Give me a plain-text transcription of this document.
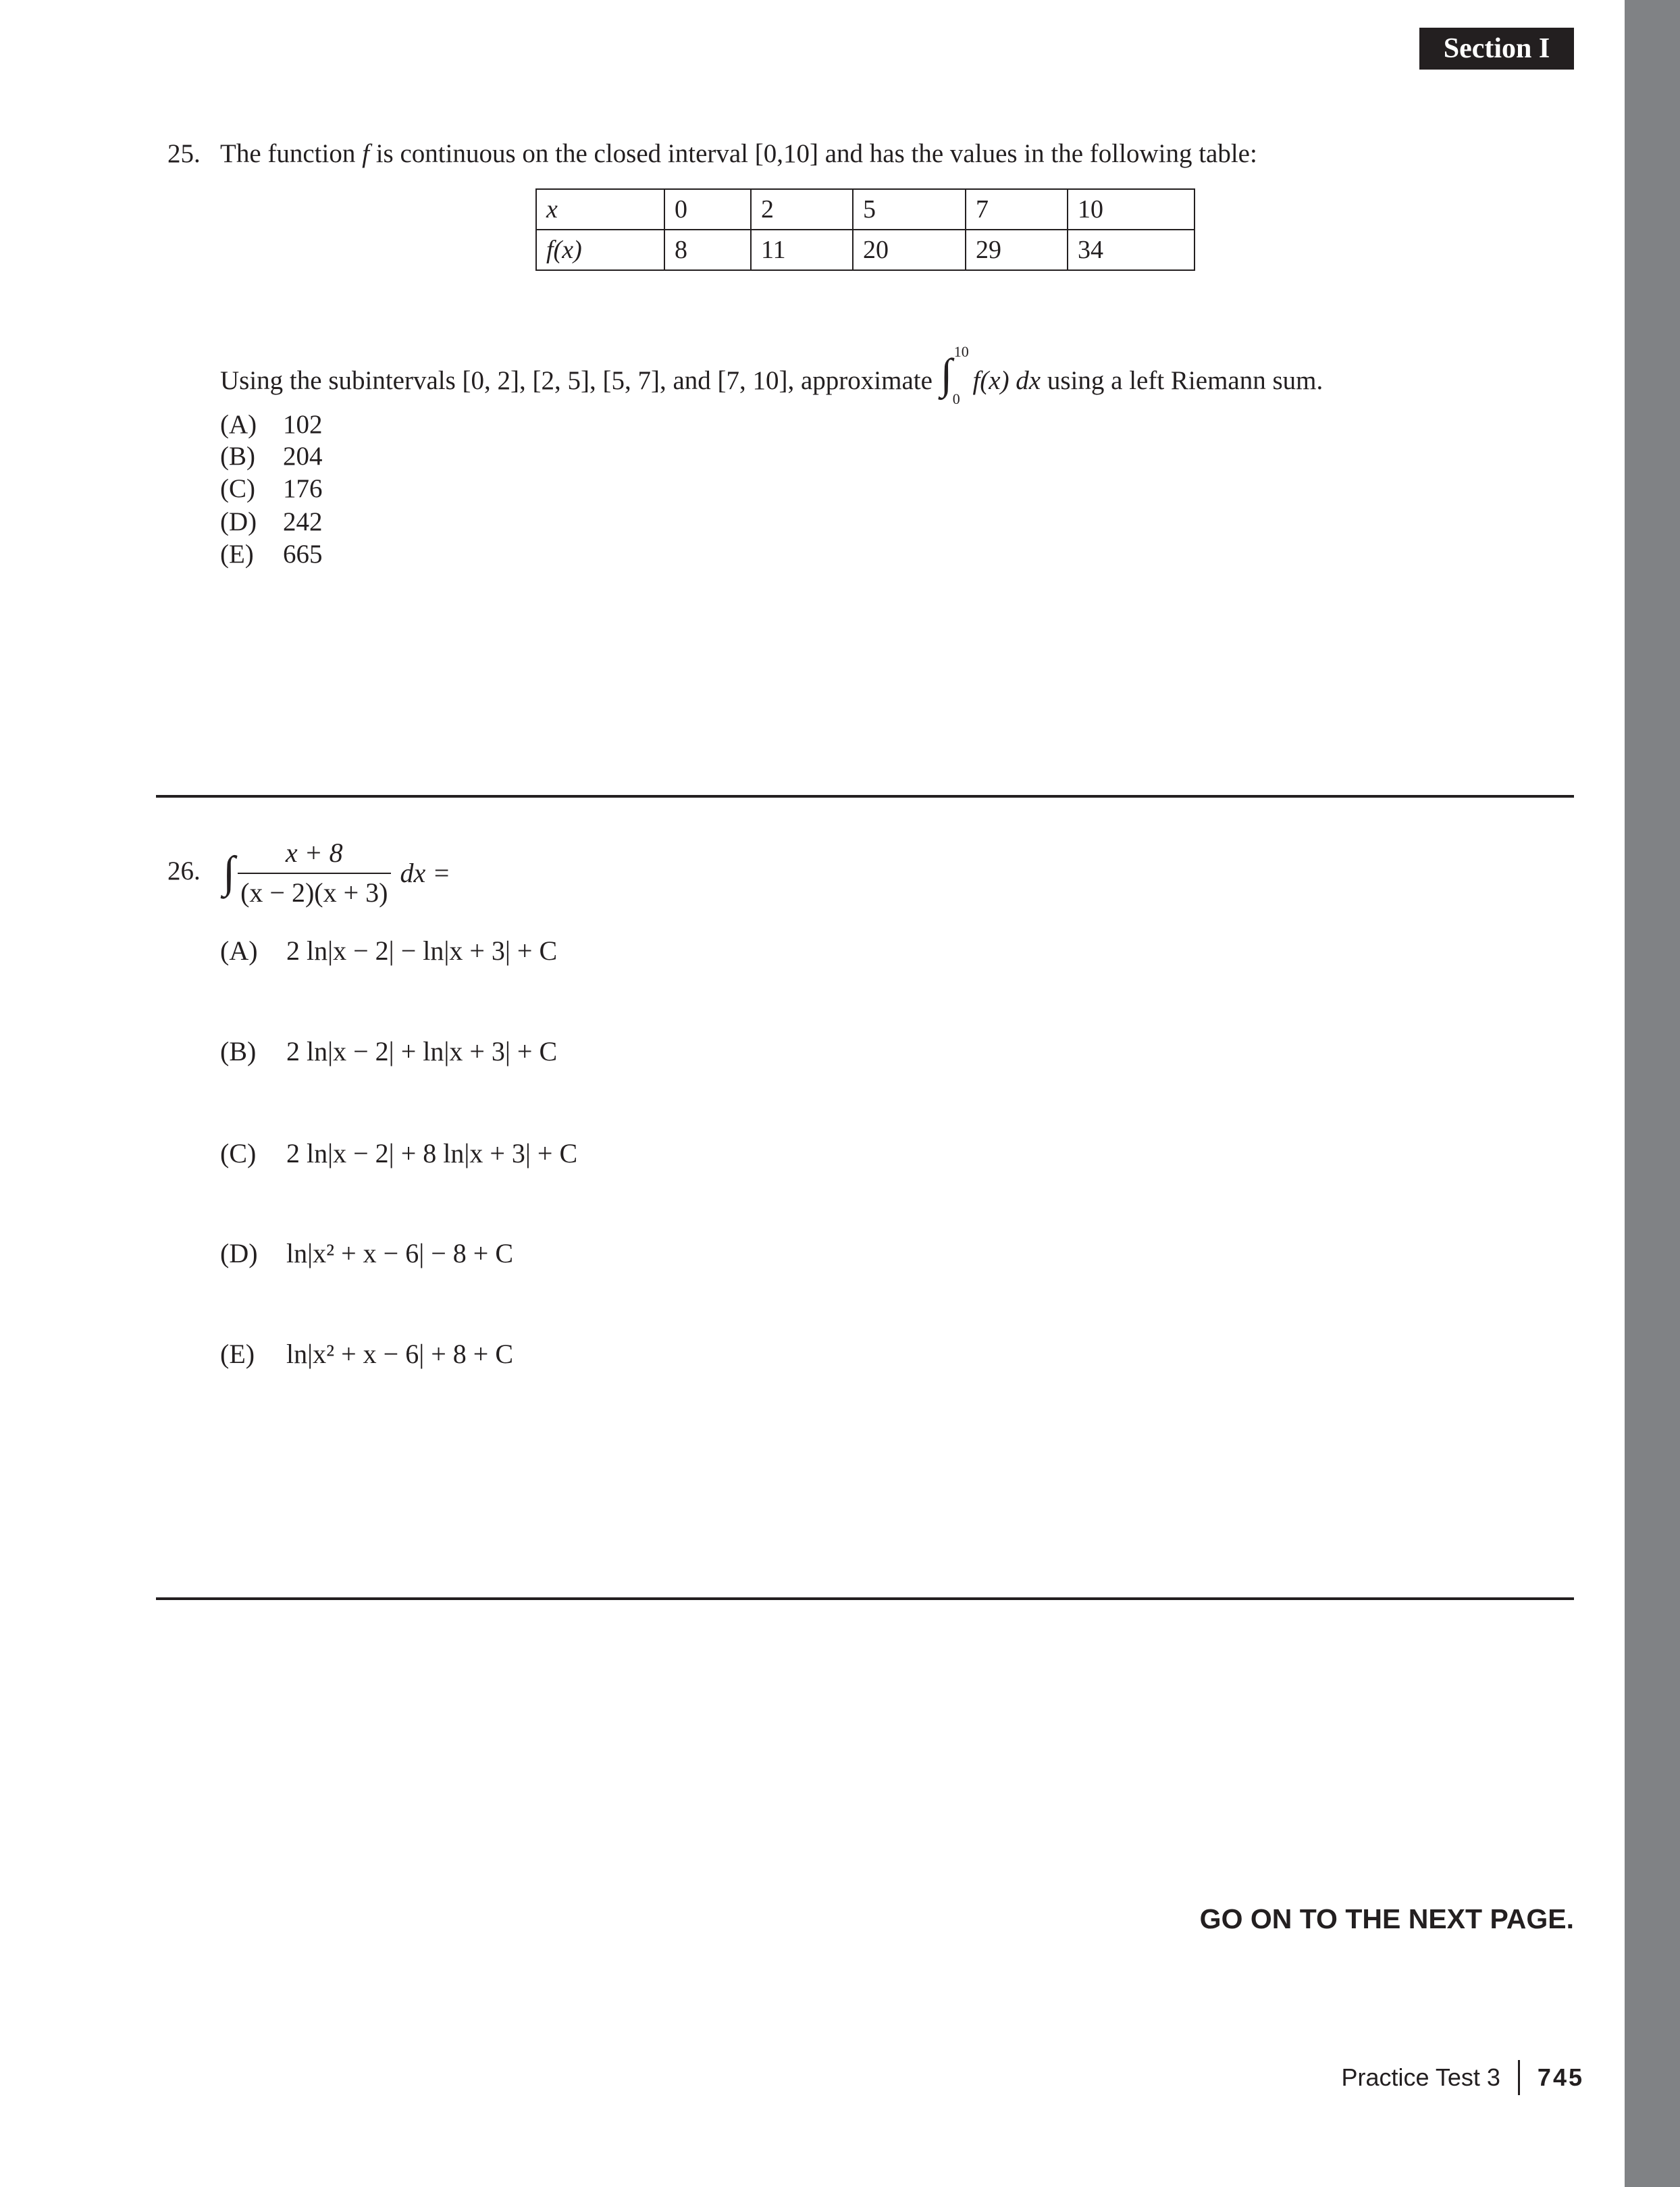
Section I
25. The function f is continuous on the closed interval [0,10] and has the values in the following table:
x	0	2	5	7	10
f(x)	8	11	20	29	34
Using the subintervals [0, 2], [2, 5], [5, 7], and [7, 10], approximate ∫ 10
0
f(x) dx using a left Riemann sum.
(A) 102
(B) 204
(C) 176
(D) 242
(E) 665
26. ∫ $\frac{x + 8}{(x - 2)(x + 3)}$ dx =
(A) 2 ln|x − 2| − ln|x + 3| + C
(B) 2 ln|x − 2| + ln|x + 3| + C
(C) 2 ln|x − 2| + 8 ln|x + 3| + C
(D) ln|x² + x − 6| − 8 + C
(E) ln|x² + x − 6| + 8 + C
GO ON TO THE NEXT PAGE.
Practice Test 3 745
